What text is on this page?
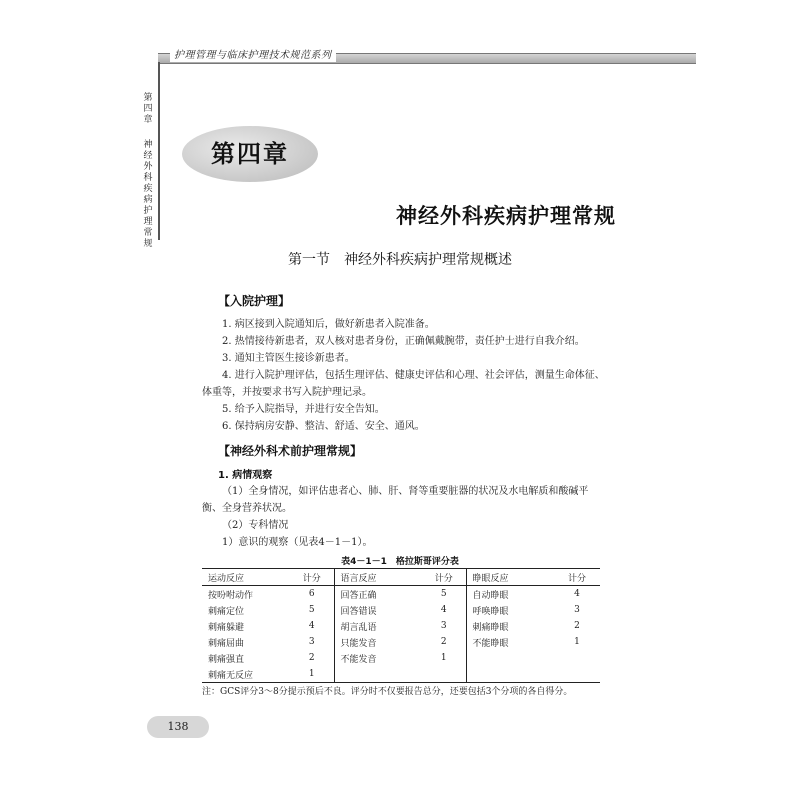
护理管理与临床护理技术规范系列
第四章
神经外科疾病护理常规
第四章
神经外科疾病护理常规
第一节　神经外科疾病护理常规概述
【入院护理】
1. 病区接到入院通知后，做好新患者入院准备。
2. 热情接待新患者，双人核对患者身份，正确佩戴腕带，责任护士进行自我介绍。
3. 通知主管医生接诊新患者。
4. 进行入院护理评估，包括生理评估、健康史评估和心理、社会评估，测量生命体征、体重等，并按要求书写入院护理记录。
5. 给予入院指导，并进行安全告知。
6. 保持病房安静、整洁、舒适、安全、通风。
【神经外科术前护理常规】
1. 病情观察
（1）全身情况，如评估患者心、肺、肝、肾等重要脏器的状况及水电解质和酸碱平衡、全身营养状况。
（2）专科情况
1）意识的观察（见表4－1－1）。
表4－1－1　格拉斯哥评分表
运动反应	计分	语言反应	计分	睁眼反应	计分
按吩咐动作	6	回答正确	5	自动睁眼	4
刺痛定位	5	回答错误	4	呼唤睁眼	3
刺痛躲避	4	胡言乱语	3	刺痛睁眼	2
刺痛屈曲	3	只能发音	2	不能睁眼	1
刺痛强直	2	不能发音	1		
刺痛无反应	1				
注：GCS评分3～8分提示预后不良。评分时不仅要报告总分，还要包括3个分项的各自得分。
138
